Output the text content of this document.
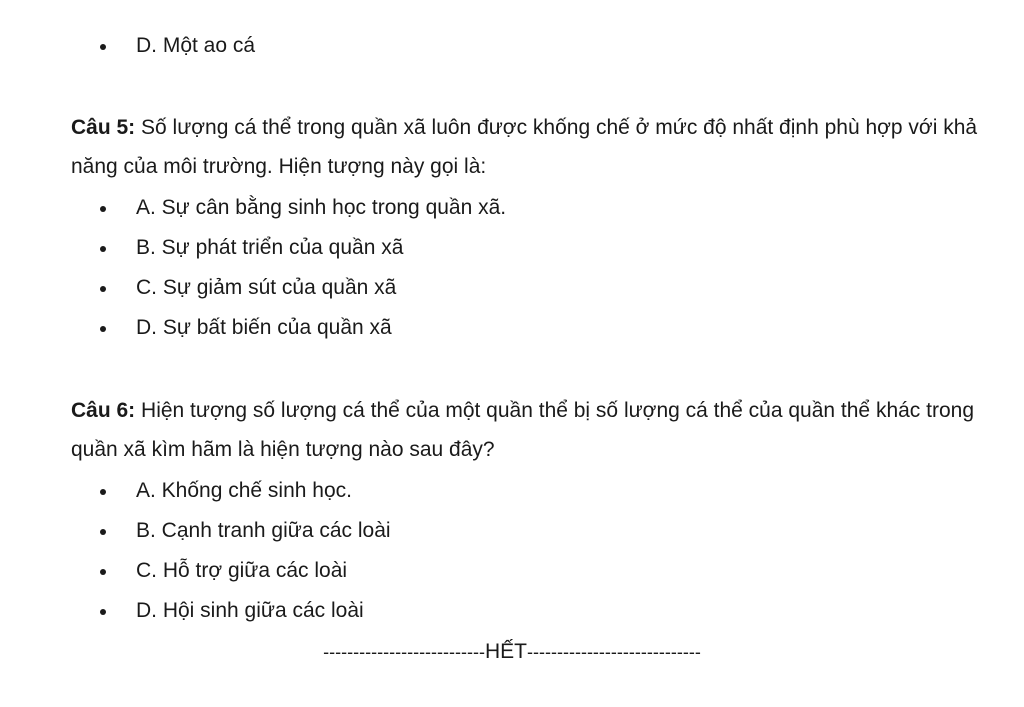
D. Một ao cá
Câu 5: Số lượng cá thể trong quần xã luôn được khống chế ở mức độ nhất định phù hợp với khả năng của môi trường. Hiện tượng này gọi là:
A. Sự cân bằng sinh học trong quần xã.
B. Sự phát triển của quần xã
C. Sự giảm sút của quần xã
D. Sự bất biến của quần xã
Câu 6: Hiện tượng số lượng cá thể của một quần thể bị số lượng cá thể của quần thể khác trong quần xã kìm hãm là hiện tượng nào sau đây?
A. Khống chế sinh học.
B. Cạnh tranh giữa các loài
C. Hỗ trợ giữa các loài
D. Hội sinh giữa các loài
---------------------------HẾT-----------------------------
